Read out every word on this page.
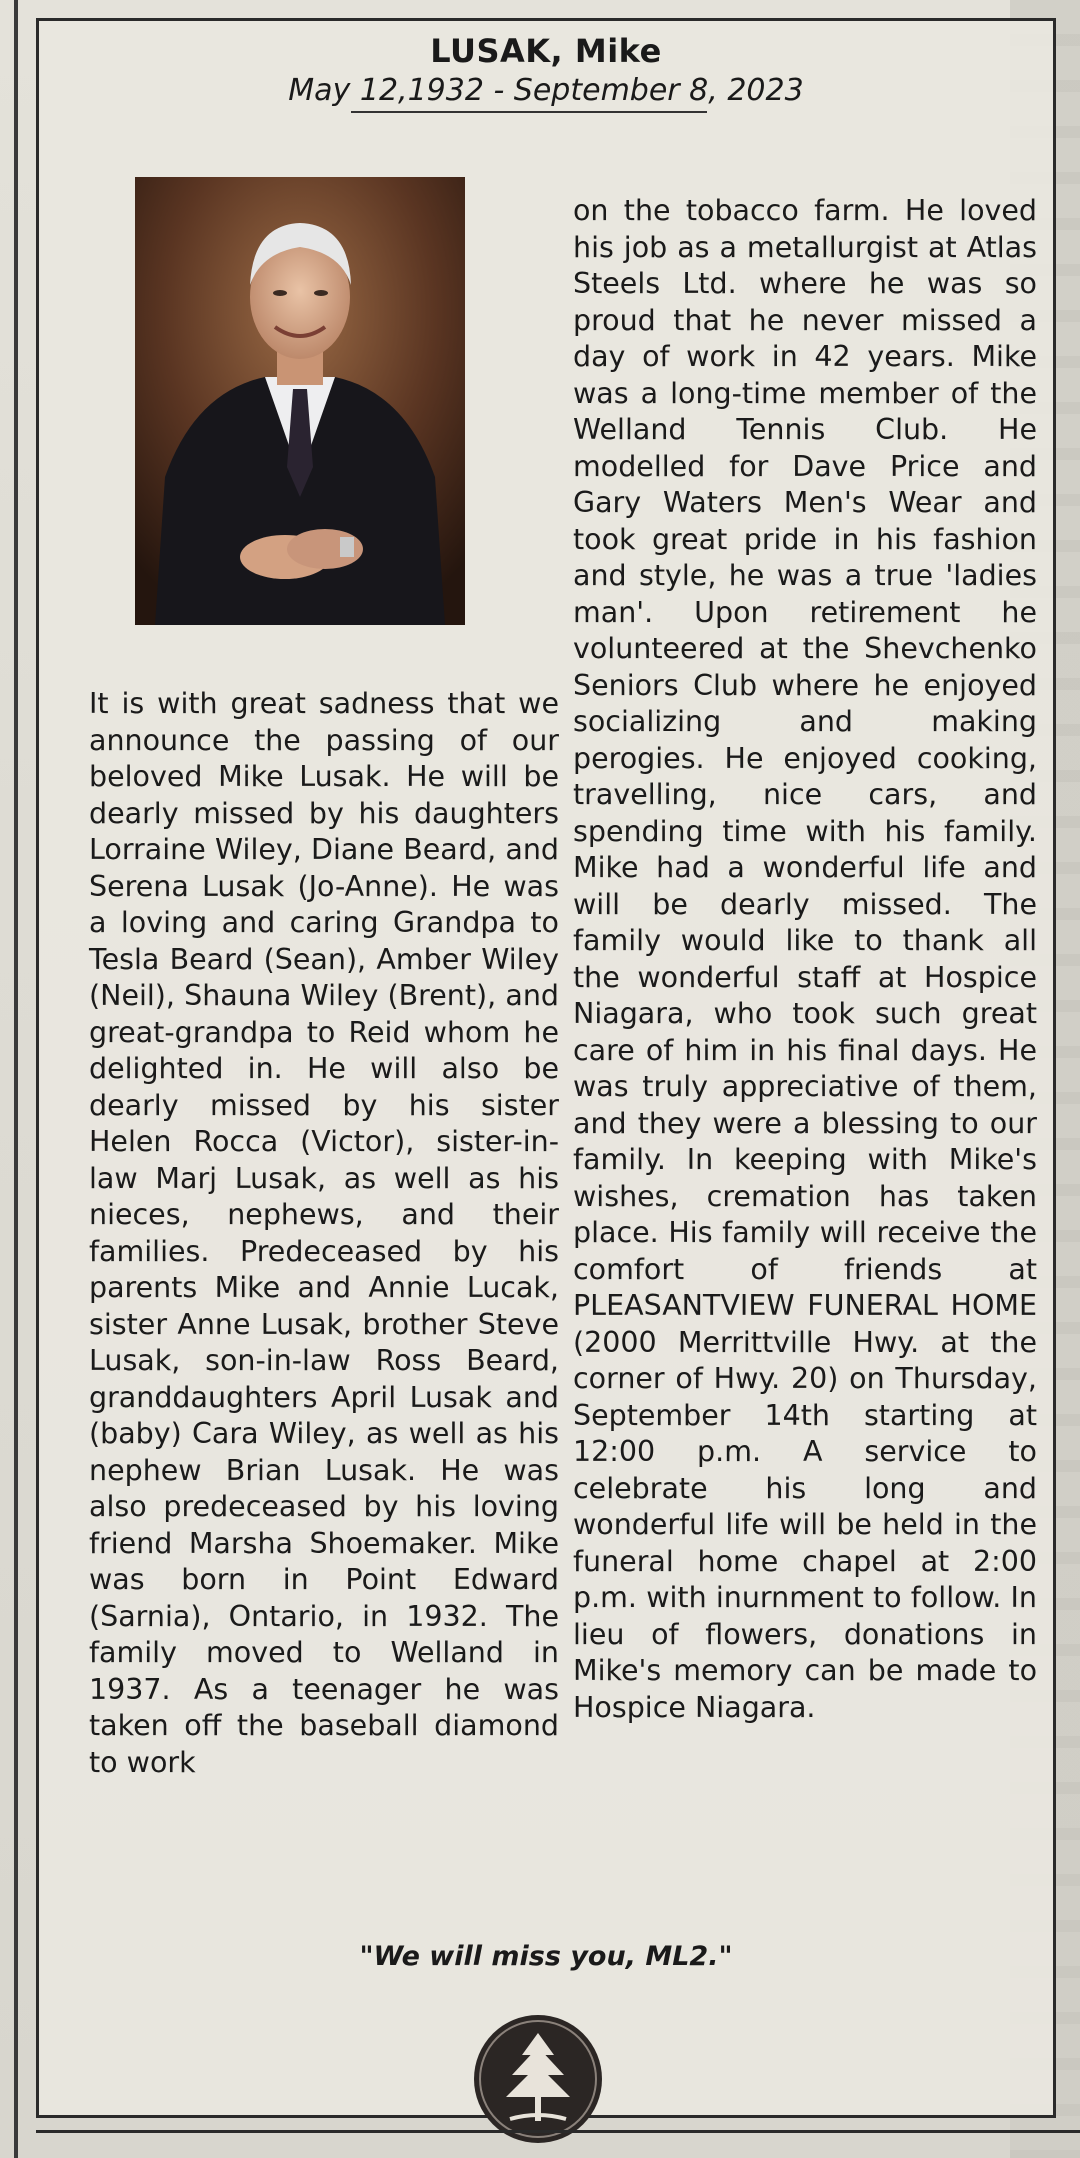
LUSAK, Mike

May 12,1932 - September 8, 2023

It is with great sadness that we announce the passing of our beloved Mike Lusak. He will be dearly missed by his daughters Lorraine Wiley, Diane Beard, and Serena Lusak (Jo-Anne). He was a loving and caring Grandpa to Tesla Beard (Sean), Amber Wiley (Neil), Shauna Wiley (Brent), and great-grandpa to Reid whom he delighted in. He will also be dearly missed by his sister Helen Rocca (Victor), sister-in-law Marj Lusak, as well as his nieces, nephews, and their families. Predeceased by his parents Mike and Annie Lucak, sister Anne Lusak, brother Steve Lusak, son-in-law Ross Beard, granddaughters April Lusak and (baby) Cara Wiley, as well as his nephew Brian Lusak. He was also predeceased by his loving friend Marsha Shoemaker. Mike was born in Point Edward (Sarnia), Ontario, in 1932. The family moved to Welland in 1937. As a teenager he was taken off the baseball diamond to work

on the tobacco farm. He loved his job as a metallurgist at Atlas Steels Ltd. where he was so proud that he never missed a day of work in 42 years. Mike was a long-time member of the Welland Tennis Club. He modelled for Dave Price and Gary Waters Men's Wear and took great pride in his fashion and style, he was a true 'ladies man'. Upon retirement he volunteered at the Shevchenko Seniors Club where he enjoyed socializing and making perogies. He enjoyed cooking, travelling, nice cars, and spending time with his family. Mike had a wonderful life and will be dearly missed. The family would like to thank all the wonderful staff at Hospice Niagara, who took such great care of him in his final days. He was truly appreciative of them, and they were a blessing to our family. In keeping with Mike's wishes, cremation has taken place. His family will receive the comfort of friends at PLEASANTVIEW FUNERAL HOME (2000 Merrittville Hwy. at the corner of Hwy. 20) on Thursday, September 14th starting at 12:00 p.m. A service to celebrate his long and wonderful life will be held in the funeral home chapel at 2:00 p.m. with inurnment to follow. In lieu of flowers, donations in Mike's memory can be made to Hospice Niagara.

"We will miss you, ML2."
